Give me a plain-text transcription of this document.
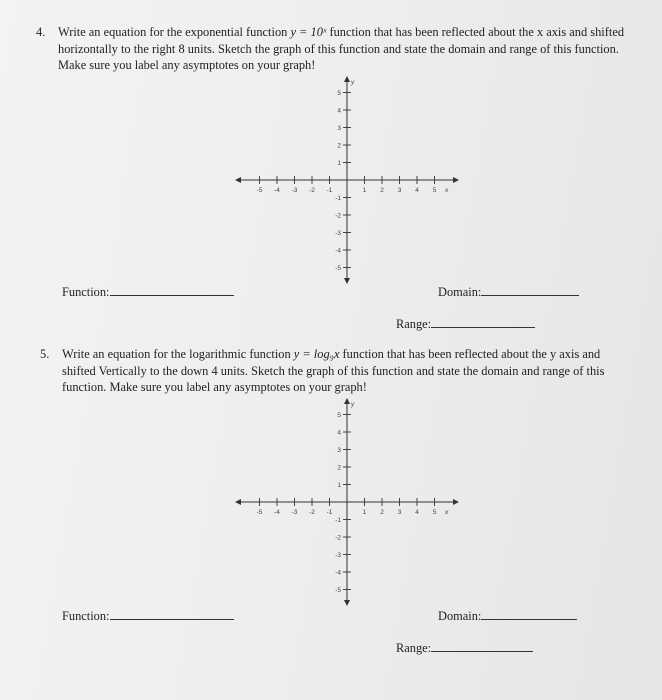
4. Write an equation for the exponential function y = 10ˣ function that has been reflected about the x axis and shifted horizontally to the right 8 units. Sketch the graph of this function and state the domain and range of this function. Make sure you label any asymptotes on your graph!
x
y
-5 -4 -3 -2 -1	1 2 3 4 5
5
4
3
2
1
-1
-2
-3
-4
-5
Function:	Domain:
Range:
5. Write an equation for the logarithmic function y = log₉x function that has been reflected about the y axis and shifted Vertically to the down 4 units. Sketch the graph of this function and state the domain and range of this function. Make sure you label any asymptotes on your graph!
x
y
-5 -4 -3 -2 -1	1 2 3 4 5
5
4
3
2
1
-1
-2
-3
-4
-5
Function:	Domain:
Range:
